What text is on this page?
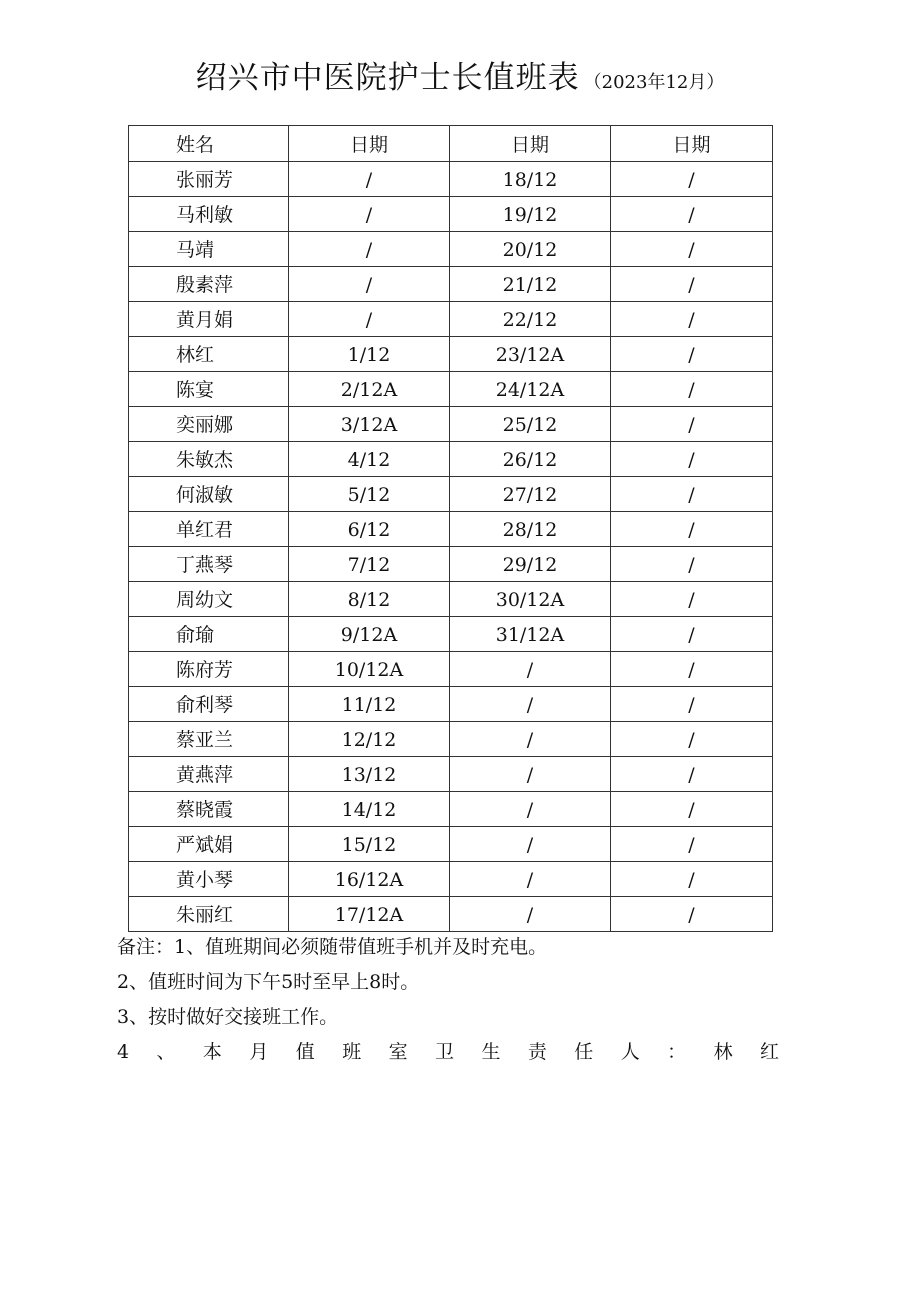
绍兴市中医院护士长值班表 （2023年12月）
姓名	日期	日期	日期
张丽芳	/	18/12	/
马利敏	/	19/12	/
马靖	/	20/12	/
殷素萍	/	21/12	/
黄月娟	/	22/12	/
林红	1/12	23/12A	/
陈宴	2/12A	24/12A	/
奕丽娜	3/12A	25/12	/
朱敏杰	4/12	26/12	/
何淑敏	5/12	27/12	/
单红君	6/12	28/12	/
丁燕琴	7/12	29/12	/
周幼文	8/12	30/12A	/
俞瑜	9/12A	31/12A	/
陈府芳	10/12A	/	/
俞利琴	11/12	/	/
蔡亚兰	12/12	/	/
黄燕萍	13/12	/	/
蔡晓霞	14/12	/	/
严斌娟	15/12	/	/
黄小琴	16/12A	/	/
朱丽红	17/12A	/	/
备注：1、值班期间必须随带值班手机并及时充电。
2、值班时间为下午5时至早上8时。
3、按时做好交接班工作。
4 、 本 月 值 班 室 卫 生 责 任 人 ： 林 红
